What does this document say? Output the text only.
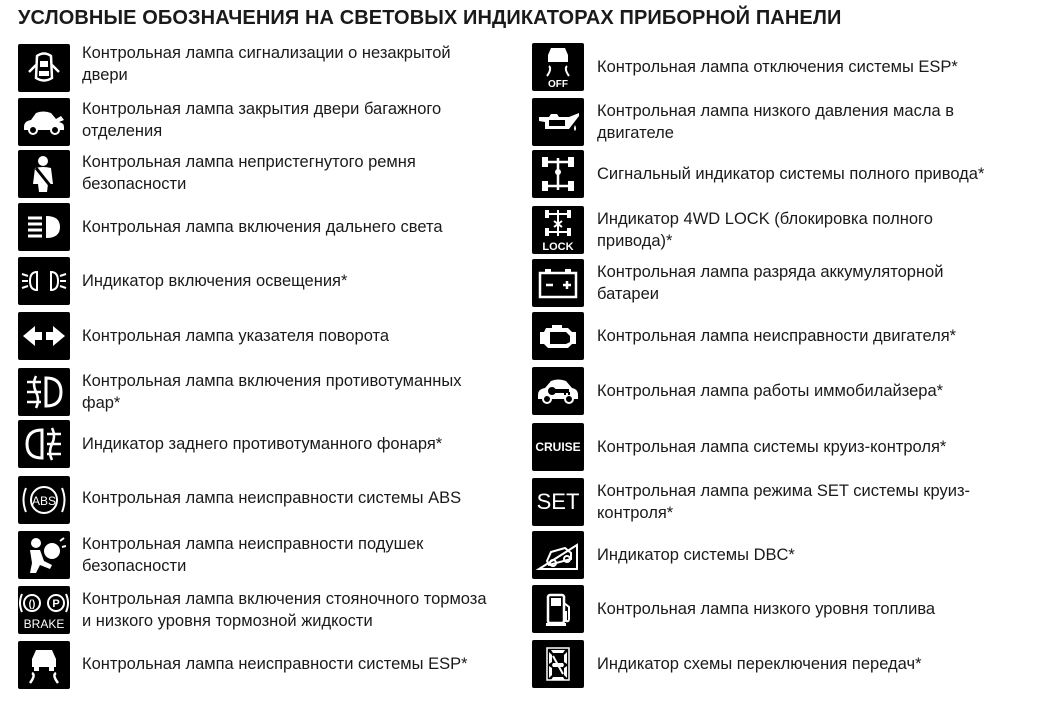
УСЛОВНЫЕ ОБОЗНАЧЕНИЯ НА СВЕТОВЫХ ИНДИКАТОРАХ ПРИБОРНОЙ ПАНЕЛИ
Контрольная лампа сигнализации о незакрытой
двери
Контрольная лампа закрытия двери багажного
отделения
Контрольная лампа непристегнутого ремня
безопасности
Контрольная лампа включения дальнего света
Индикатор включения освещения*
Контрольная лампа указателя поворота
Контрольная лампа включения противотуманных
фар*
Индикатор заднего противотуманного фонаря*
ABS Контрольная лампа неисправности системы ABS
Контрольная лампа неисправности подушек
безопасности
P
()
BRAKE
Контрольная лампа включения стояночного тормоза
и низкого уровня тормозной жидкости
Контрольная лампа неисправности системы ESP*
OFF
Контрольная лампа отключения системы ESP*
Контрольная лампа низкого давления масла в
двигателе
Сигнальный индикатор системы полного привода*
LOCK
Индикатор 4WD LOCK (блокировка полного
привода)*
Контрольная лампа разряда аккумуляторной
батареи
Контрольная лампа неисправности двигателя*
Контрольная лампа работы иммобилайзера*
CRUISE Контрольная лампа системы круиз-контроля*
SET Контрольная лампа режима SET системы круиз-
контроля*
Индикатор системы DBC*
Контрольная лампа низкого уровня топлива
Индикатор схемы переключения передач*
